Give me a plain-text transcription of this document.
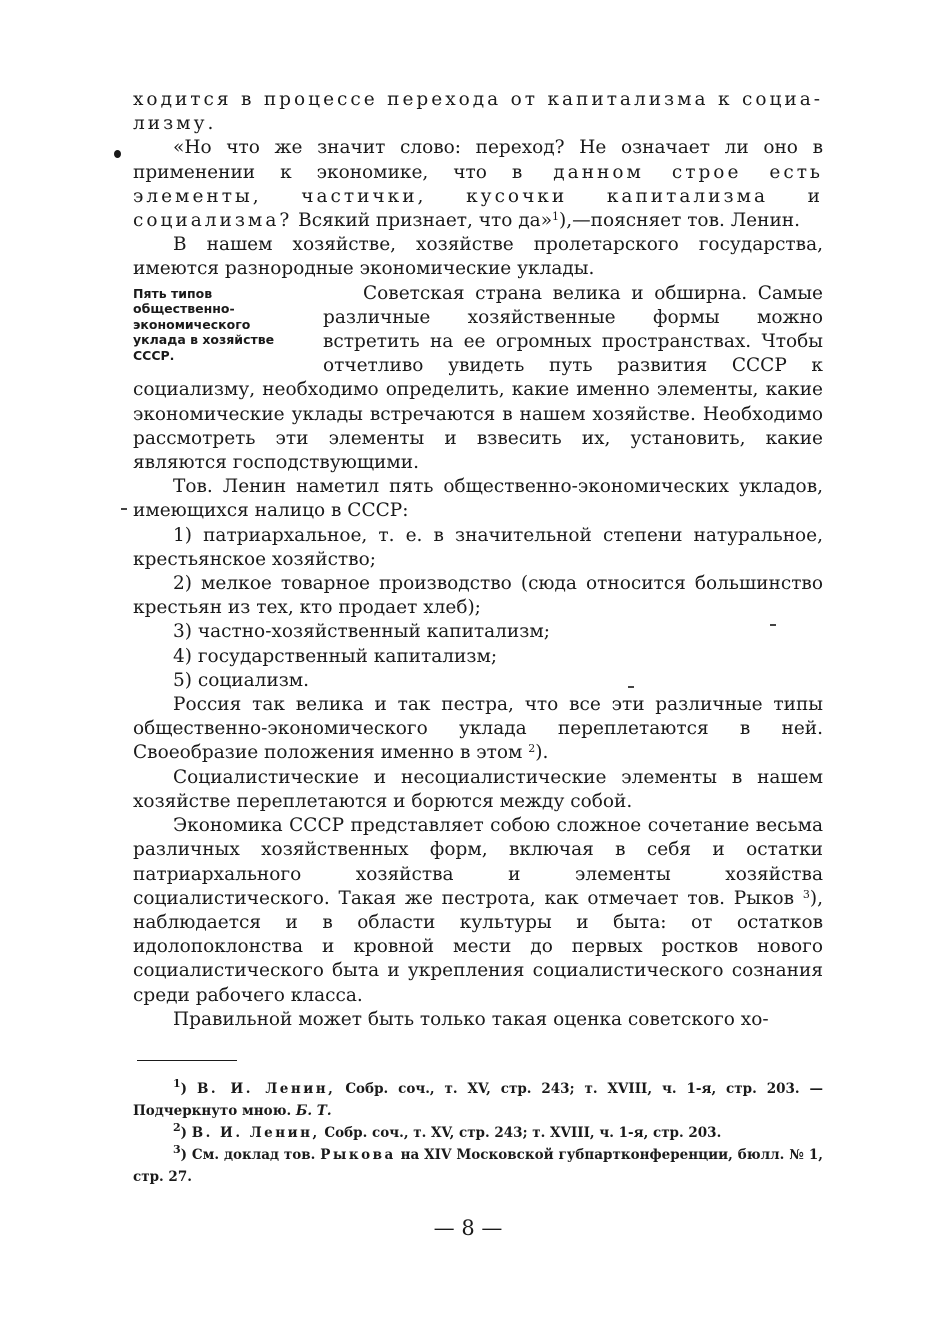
ходится в процессе перехода от капитализма к социа- лизму.

«Но что же значит слово: переход? Не означает ли оно в применении к экономике, что в данном строе есть элементы, частички, кусочки капитализма и социализма? Всякий признает, что да»$^1$),—поясняет тов. Ленин.

В нашем хозяйстве, хозяйстве пролетарского государства, имеются разнородные экономические уклады.

Пять типов общественно-экономического уклада в хозяйстве СССР.

Советская страна велика и обширна. Самые различные хозяйственные формы можно встретить на ее огромных пространствах. Чтобы отчетливо увидеть путь развития СССР к социализму, необходимо определить, какие именно элементы, какие экономические уклады встречаются в нашем хозяйстве. Необходимо рассмотреть эти элементы и взвесить их, установить, какие являются господствующими.

Тов. Ленин наметил пять общественно-экономических укладов, имеющихся налицо в СССР:

1) патриархальное, т. е. в значительной степени натуральное, крестьянское хозяйство;

2) мелкое товарное производство (сюда относится большинство крестьян из тех, кто продает хлеб);

3) частно-хозяйственный капитализм;

4) государственный капитализм;

5) социализм.

Россия так велика и так пестра, что все эти различные типы общественно-экономического уклада переплетаются в ней. Своеобразие положения именно в этом $^2$).

Социалистические и несоциалистические элементы в нашем хозяйстве переплетаются и борются между собой.

Экономика СССР представляет собою сложное сочетание весьма различных хозяйственных форм, включая в себя и остатки патриархального хозяйства и элементы хозяйства социалистического. Такая же пестрота, как отмечает тов. Рыков $^3$), наблюдается и в области культуры и быта: от остатков идолопоклонства и кровной мести до первых ростков нового социалистического быта и укрепления социалистического сознания среди рабочего класса.

Правильной может быть только такая оценка советского хо-

$^1$) В. И. Ленин, Собр. соч., т. XV, стр. 243; т. XVIII, ч. 1-я, стр. 203. — Подчеркнуто мною. Б. Т.

$^2$) В. И. Ленин, Собр. соч., т. XV, стр. 243; т. XVIII, ч. 1-я, стр. 203.

$^3$) См. доклад тов. Рыкова на XIV Московской губпартконференции, бюлл. № 1, стр. 27.

— 8 —
